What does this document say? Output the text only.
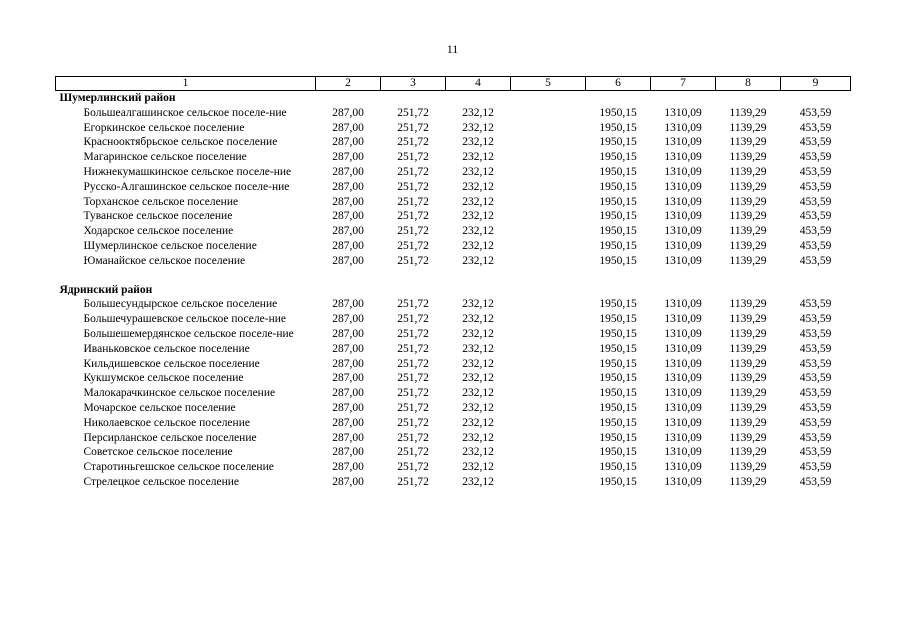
11
1	2	3	4	5	6	7	8	9
Шумерлинский район								
Большеалгашинское сельское поселе-ние	287,00	251,72	232,12		1950,15	1310,09	1139,29	453,59
Егоркинское сельское поселение	287,00	251,72	232,12		1950,15	1310,09	1139,29	453,59
Краснооктябрьское сельское поселение	287,00	251,72	232,12		1950,15	1310,09	1139,29	453,59
Магаринское сельское поселение	287,00	251,72	232,12		1950,15	1310,09	1139,29	453,59
Нижнекумашкинское сельское поселе-ние	287,00	251,72	232,12		1950,15	1310,09	1139,29	453,59
Русско-Алгашинское сельское поселе-ние	287,00	251,72	232,12		1950,15	1310,09	1139,29	453,59
Торханское сельское поселение	287,00	251,72	232,12		1950,15	1310,09	1139,29	453,59
Туванское сельское поселение	287,00	251,72	232,12		1950,15	1310,09	1139,29	453,59
Ходарское сельское поселение	287,00	251,72	232,12		1950,15	1310,09	1139,29	453,59
Шумерлинское сельское поселение	287,00	251,72	232,12		1950,15	1310,09	1139,29	453,59
Юманайское сельское поселение	287,00	251,72	232,12		1950,15	1310,09	1139,29	453,59

Ядринский район								
Большесундырское сельское поселение	287,00	251,72	232,12		1950,15	1310,09	1139,29	453,59
Большечурашевское сельское поселе-ние	287,00	251,72	232,12		1950,15	1310,09	1139,29	453,59
Большешемердянское сельское поселе-ние	287,00	251,72	232,12		1950,15	1310,09	1139,29	453,59
Иваньковское сельское поселение	287,00	251,72	232,12		1950,15	1310,09	1139,29	453,59
Кильдишевское сельское поселение	287,00	251,72	232,12		1950,15	1310,09	1139,29	453,59
Кукшумское сельское поселение	287,00	251,72	232,12		1950,15	1310,09	1139,29	453,59
Малокарачкинское сельское поселение	287,00	251,72	232,12		1950,15	1310,09	1139,29	453,59
Мочарское сельское поселение	287,00	251,72	232,12		1950,15	1310,09	1139,29	453,59
Николаевское сельское поселение	287,00	251,72	232,12		1950,15	1310,09	1139,29	453,59
Персирланское сельское поселение	287,00	251,72	232,12		1950,15	1310,09	1139,29	453,59
Советское сельское поселение	287,00	251,72	232,12		1950,15	1310,09	1139,29	453,59
Старотиньгешское сельское поселение	287,00	251,72	232,12		1950,15	1310,09	1139,29	453,59
Стрелецкое сельское поселение	287,00	251,72	232,12		1950,15	1310,09	1139,29	453,59
